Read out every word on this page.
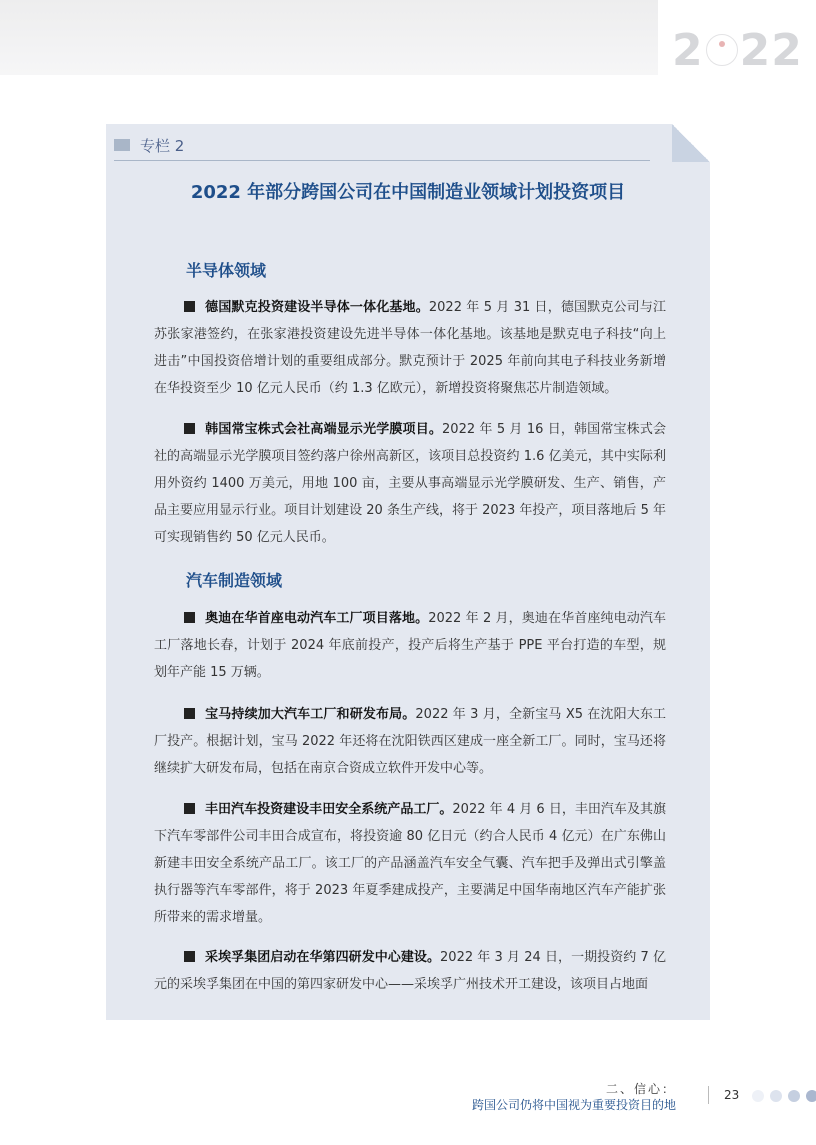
2 22
专栏 2
2022 年部分跨国公司在中国制造业领域计划投资项目
半导体领域
德国默克投资建设半导体一体化基地。2022 年 5 月 31 日，德国默克公司与江苏张家港签约，在张家港投资建设先进半导体一体化基地。该基地是默克电子科技“向上进击”中国投资倍增计划的重要组成部分。默克预计于 2025 年前向其电子科技业务新增在华投资至少 10 亿元人民币（约 1.3 亿欧元），新增投资将聚焦芯片制造领域。
韩国常宝株式会社高端显示光学膜项目。2022 年 5 月 16 日，韩国常宝株式会社的高端显示光学膜项目签约落户徐州高新区，该项目总投资约 1.6 亿美元，其中实际利用外资约 1400 万美元，用地 100 亩，主要从事高端显示光学膜研发、生产、销售，产品主要应用显示行业。项目计划建设 20 条生产线，将于 2023 年投产，项目落地后 5 年可实现销售约 50 亿元人民币。
汽车制造领域
奥迪在华首座电动汽车工厂项目落地。2022 年 2 月，奥迪在华首座纯电动汽车工厂落地长春，计划于 2024 年底前投产，投产后将生产基于 PPE 平台打造的车型，规划年产能 15 万辆。
宝马持续加大汽车工厂和研发布局。2022 年 3 月，全新宝马 X5 在沈阳大东工厂投产。根据计划，宝马 2022 年还将在沈阳铁西区建成一座全新工厂。同时，宝马还将继续扩大研发布局，包括在南京合资成立软件开发中心等。
丰田汽车投资建设丰田安全系统产品工厂。2022 年 4 月 6 日，丰田汽车及其旗下汽车零部件公司丰田合成宣布，将投资逾 80 亿日元（约合人民币 4 亿元）在广东佛山新建丰田安全系统产品工厂。该工厂的产品涵盖汽车安全气囊、汽车把手及弹出式引擎盖执行器等汽车零部件，将于 2023 年夏季建成投产，主要满足中国华南地区汽车产能扩张所带来的需求增量。
采埃孚集团启动在华第四研发中心建设。2022 年 3 月 24 日，一期投资约 7 亿元的采埃孚集团在中国的第四家研发中心——采埃孚广州技术开工建设，该项目占地面
二、信心：
跨国公司仍将中国视为重要投资目的地
23
